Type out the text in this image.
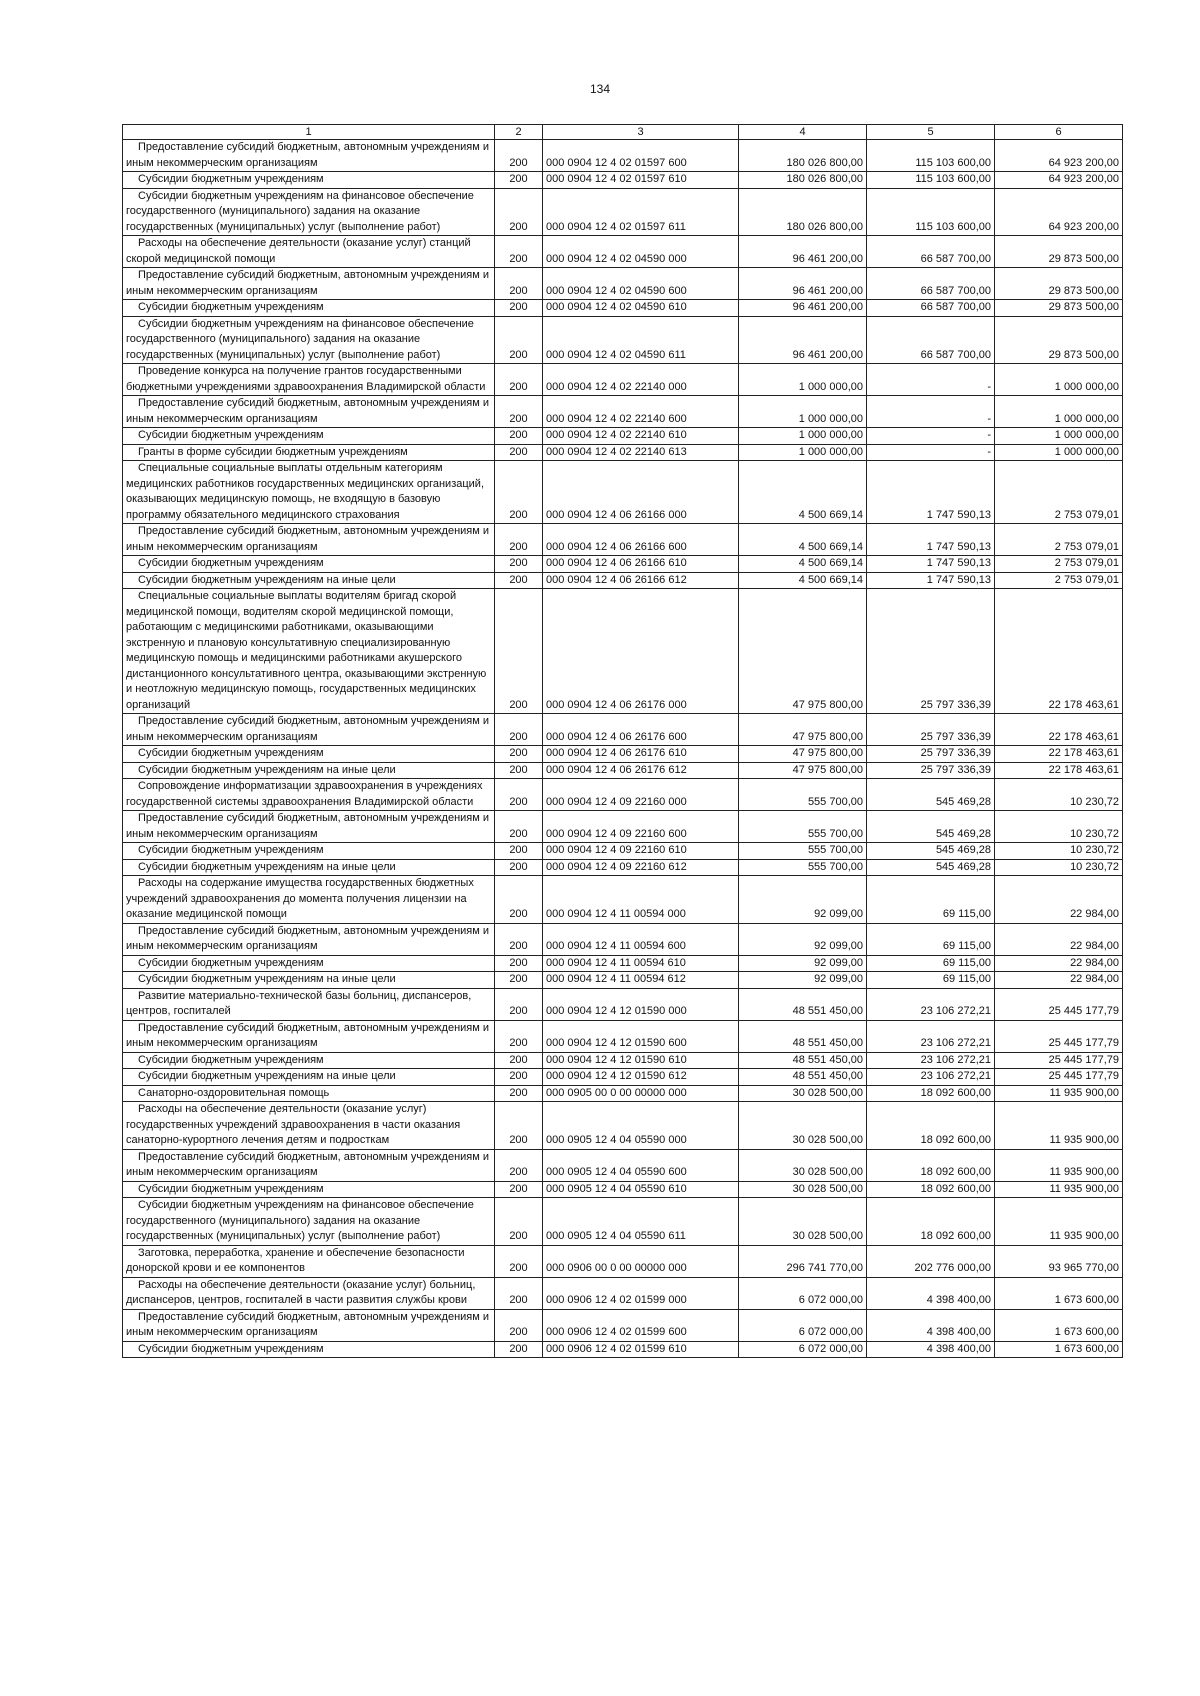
134
1	2	3	4	5	6

Предоставление субсидий бюджетным, автономным учреждениям и иным некоммерческим организациям	200	000 0904 12 4 02 01597 600	180 026 800,00	115 103 600,00	64 923 200,00

Субсидии бюджетным учреждениям	200	000 0904 12 4 02 01597 610	180 026 800,00	115 103 600,00	64 923 200,00

Субсидии бюджетным учреждениям на финансовое обеспечение государственного (муниципального) задания на оказание государственных (муниципальных) услуг (выполнение работ)	200	000 0904 12 4 02 01597 611	180 026 800,00	115 103 600,00	64 923 200,00

Расходы на обеспечение деятельности (оказание услуг) станций скорой медицинской помощи	200	000 0904 12 4 02 04590 000	96 461 200,00	66 587 700,00	29 873 500,00

Предоставление субсидий бюджетным, автономным учреждениям и иным некоммерческим организациям	200	000 0904 12 4 02 04590 600	96 461 200,00	66 587 700,00	29 873 500,00

Субсидии бюджетным учреждениям	200	000 0904 12 4 02 04590 610	96 461 200,00	66 587 700,00	29 873 500,00

Субсидии бюджетным учреждениям на финансовое обеспечение государственного (муниципального) задания на оказание государственных (муниципальных) услуг (выполнение работ)	200	000 0904 12 4 02 04590 611	96 461 200,00	66 587 700,00	29 873 500,00

Проведение конкурса на получение грантов государственными бюджетными учреждениями здравоохранения Владимирской области	200	000 0904 12 4 02 22140 000	1 000 000,00	-	1 000 000,00

Предоставление субсидий бюджетным, автономным учреждениям и иным некоммерческим организациям	200	000 0904 12 4 02 22140 600	1 000 000,00	-	1 000 000,00

Субсидии бюджетным учреждениям	200	000 0904 12 4 02 22140 610	1 000 000,00	-	1 000 000,00

Гранты в форме субсидии бюджетным учреждениям	200	000 0904 12 4 02 22140 613	1 000 000,00	-	1 000 000,00

Специальные социальные выплаты отдельным категориям медицинских работников государственных медицинских организаций, оказывающих медицинскую помощь, не входящую в базовую программу обязательного медицинского страхования	200	000 0904 12 4 06 26166 000	4 500 669,14	1 747 590,13	2 753 079,01

Предоставление субсидий бюджетным, автономным учреждениям и иным некоммерческим организациям	200	000 0904 12 4 06 26166 600	4 500 669,14	1 747 590,13	2 753 079,01

Субсидии бюджетным учреждениям	200	000 0904 12 4 06 26166 610	4 500 669,14	1 747 590,13	2 753 079,01

Субсидии бюджетным учреждениям на иные цели	200	000 0904 12 4 06 26166 612	4 500 669,14	1 747 590,13	2 753 079,01

Специальные социальные выплаты водителям бригад скорой медицинской помощи, водителям скорой медицинской помощи, работающим с медицинскими работниками, оказывающими экстренную и плановую консультативную специализированную медицинскую помощь и медицинскими работниками акушерского дистанционного консультативного центра, оказывающими экстренную и неотложную медицинскую помощь, государственных медицинских организаций	200	000 0904 12 4 06 26176 000	47 975 800,00	25 797 336,39	22 178 463,61

Предоставление субсидий бюджетным, автономным учреждениям и иным некоммерческим организациям	200	000 0904 12 4 06 26176 600	47 975 800,00	25 797 336,39	22 178 463,61

Субсидии бюджетным учреждениям	200	000 0904 12 4 06 26176 610	47 975 800,00	25 797 336,39	22 178 463,61

Субсидии бюджетным учреждениям на иные цели	200	000 0904 12 4 06 26176 612	47 975 800,00	25 797 336,39	22 178 463,61

Сопровождение информатизации здравоохранения в учреждениях государственной системы здравоохранения Владимирской области	200	000 0904 12 4 09 22160 000	555 700,00	545 469,28	10 230,72

Предоставление субсидий бюджетным, автономным учреждениям и иным некоммерческим организациям	200	000 0904 12 4 09 22160 600	555 700,00	545 469,28	10 230,72

Субсидии бюджетным учреждениям	200	000 0904 12 4 09 22160 610	555 700,00	545 469,28	10 230,72

Субсидии бюджетным учреждениям на иные цели	200	000 0904 12 4 09 22160 612	555 700,00	545 469,28	10 230,72

Расходы на содержание имущества государственных бюджетных учреждений здравоохранения до момента получения лицензии на оказание медицинской помощи	200	000 0904 12 4 11 00594 000	92 099,00	69 115,00	22 984,00

Предоставление субсидий бюджетным, автономным учреждениям и иным некоммерческим организациям	200	000 0904 12 4 11 00594 600	92 099,00	69 115,00	22 984,00

Субсидии бюджетным учреждениям	200	000 0904 12 4 11 00594 610	92 099,00	69 115,00	22 984,00

Субсидии бюджетным учреждениям на иные цели	200	000 0904 12 4 11 00594 612	92 099,00	69 115,00	22 984,00

Развитие материально-технической базы больниц, диспансеров, центров, госпиталей	200	000 0904 12 4 12 01590 000	48 551 450,00	23 106 272,21	25 445 177,79

Предоставление субсидий бюджетным, автономным учреждениям и иным некоммерческим организациям	200	000 0904 12 4 12 01590 600	48 551 450,00	23 106 272,21	25 445 177,79

Субсидии бюджетным учреждениям	200	000 0904 12 4 12 01590 610	48 551 450,00	23 106 272,21	25 445 177,79

Субсидии бюджетным учреждениям на иные цели	200	000 0904 12 4 12 01590 612	48 551 450,00	23 106 272,21	25 445 177,79

Санаторно-оздоровительная помощь	200	000 0905 00 0 00 00000 000	30 028 500,00	18 092 600,00	11 935 900,00

Расходы на обеспечение деятельности (оказание услуг) государственных учреждений здравоохранения в части оказания санаторно-курортного лечения детям и подросткам	200	000 0905 12 4 04 05590 000	30 028 500,00	18 092 600,00	11 935 900,00

Предоставление субсидий бюджетным, автономным учреждениям и иным некоммерческим организациям	200	000 0905 12 4 04 05590 600	30 028 500,00	18 092 600,00	11 935 900,00

Субсидии бюджетным учреждениям	200	000 0905 12 4 04 05590 610	30 028 500,00	18 092 600,00	11 935 900,00

Субсидии бюджетным учреждениям на финансовое обеспечение государственного (муниципального) задания на оказание государственных (муниципальных) услуг (выполнение работ)	200	000 0905 12 4 04 05590 611	30 028 500,00	18 092 600,00	11 935 900,00

Заготовка, переработка, хранение и обеспечение безопасности донорской крови и ее компонентов	200	000 0906 00 0 00 00000 000	296 741 770,00	202 776 000,00	93 965 770,00

Расходы на обеспечение деятельности (оказание услуг) больниц, диспансеров, центров, госпиталей в части развития службы крови	200	000 0906 12 4 02 01599 000	6 072 000,00	4 398 400,00	1 673 600,00

Предоставление субсидий бюджетным, автономным учреждениям и иным некоммерческим организациям	200	000 0906 12 4 02 01599 600	6 072 000,00	4 398 400,00	1 673 600,00

Субсидии бюджетным учреждениям	200	000 0906 12 4 02 01599 610	6 072 000,00	4 398 400,00	1 673 600,00
